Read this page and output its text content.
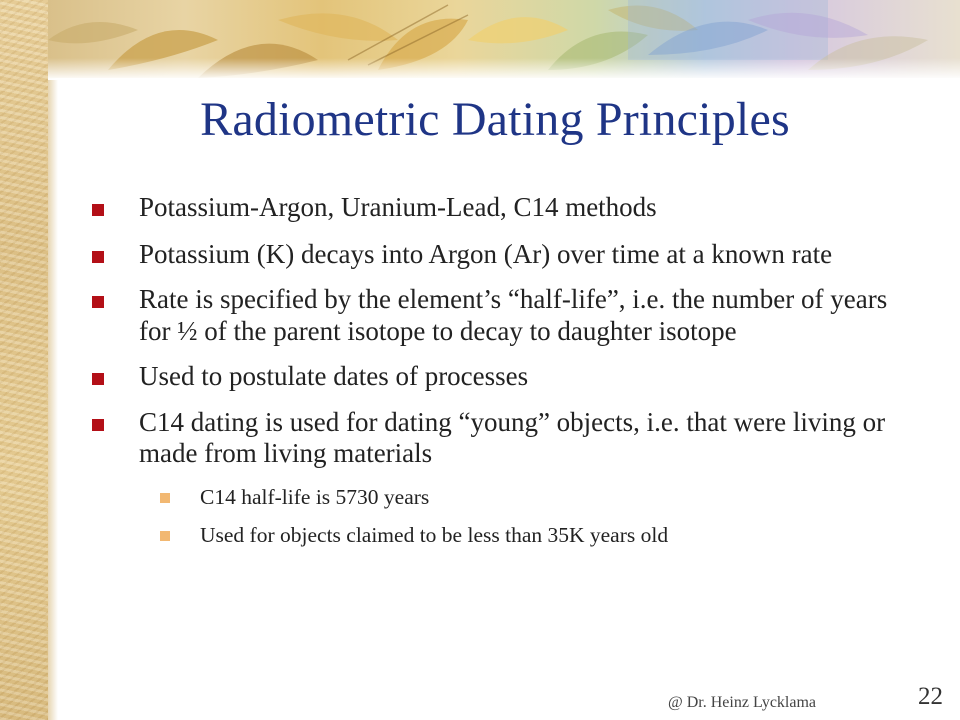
Radiometric Dating Principles
Potassium-Argon, Uranium-Lead, C14 methods
Potassium (K) decays into Argon (Ar) over time at a known rate
Rate is specified by the element’s “half-life”, i.e. the number of years for ½ of the parent isotope to decay to daughter isotope
Used to postulate dates of processes
C14 dating is used for dating “young” objects, i.e. that were living or made from living materials
C14 half-life is 5730 years
Used for objects claimed to be less than 35K years old
@ Dr. Heinz Lycklama	22
